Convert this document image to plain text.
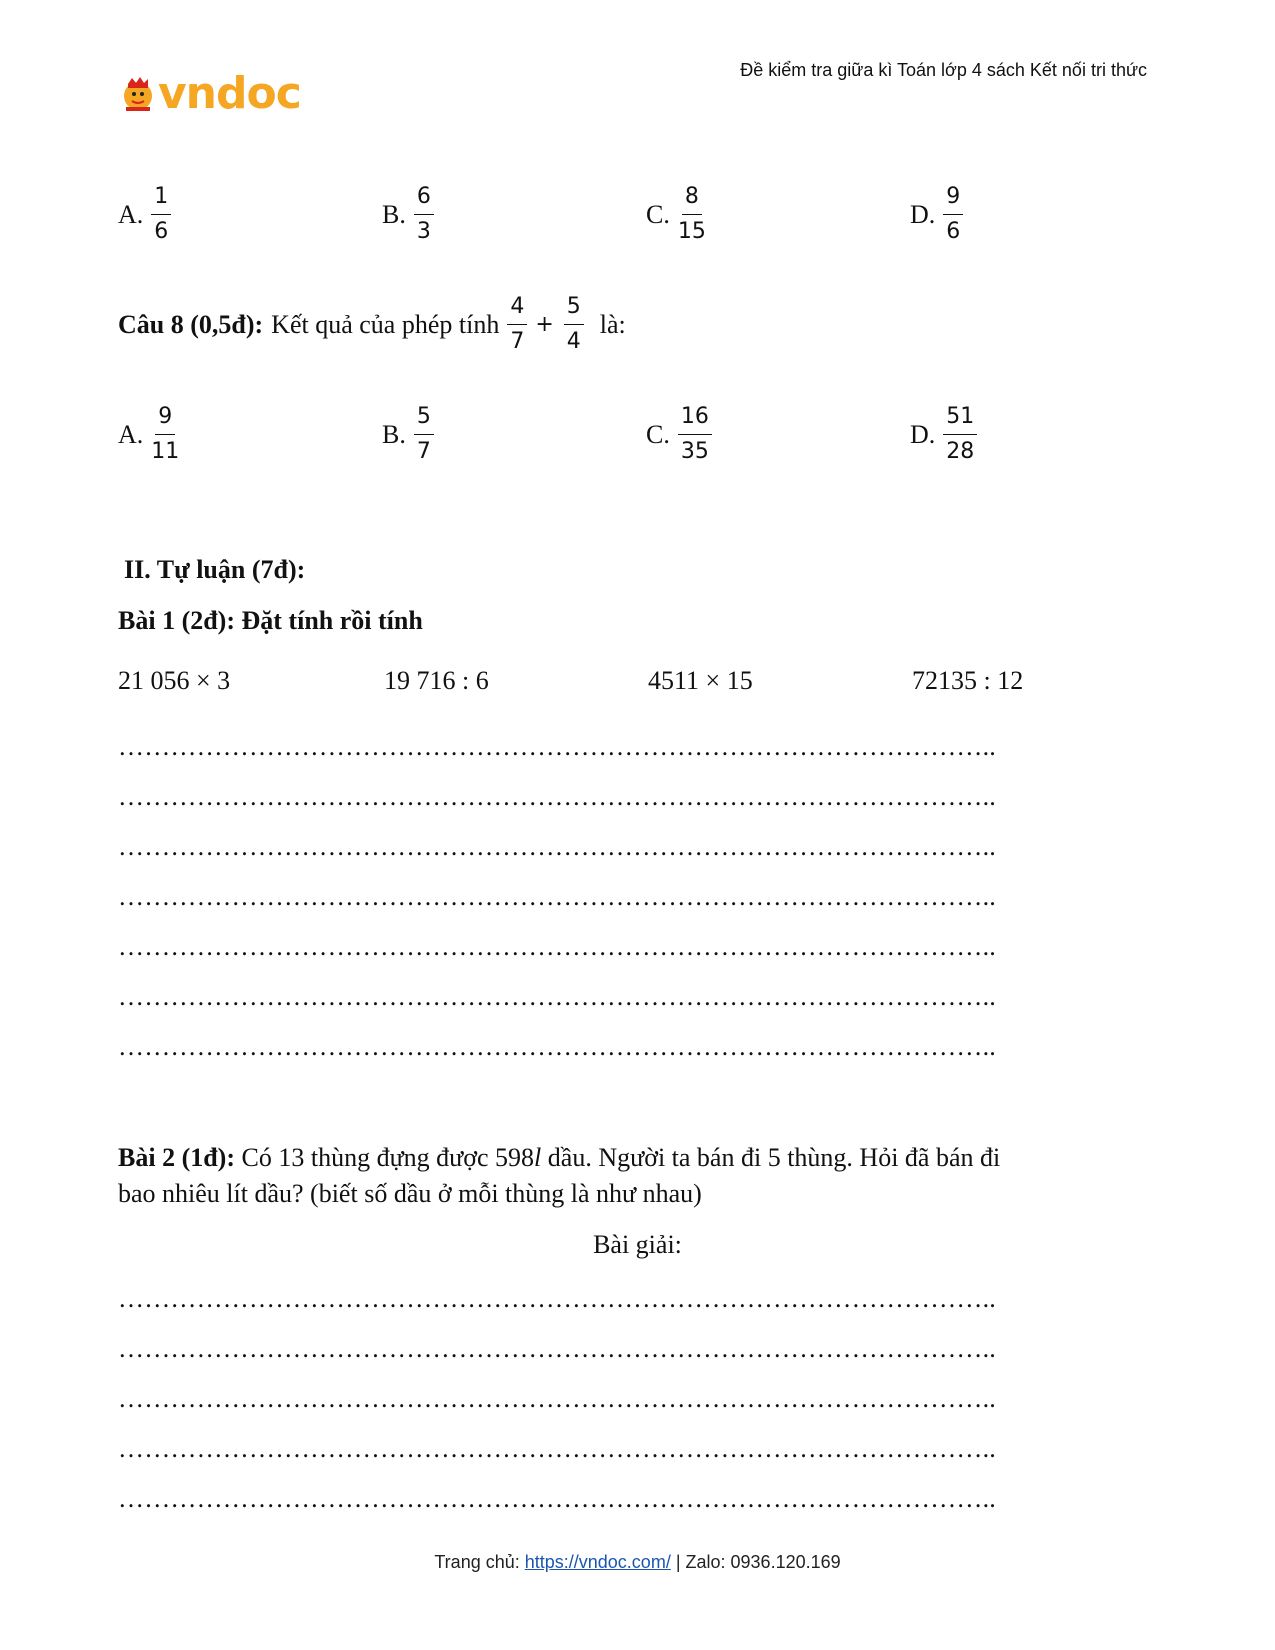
vndoc	Đề kiểm tra giữa kì Toán lớp 4 sách Kết nối tri thức
A. $\frac{1}{6}$	B. $\frac{6}{3}$	C. $\frac{8}{15}$	D. $\frac{9}{6}$
Câu 8 (0,5đ): Kết quả của phép tính $\frac{4}{7} + \frac{5}{4}$ là:
A. $\frac{9}{11}$	B. $\frac{5}{7}$	C. $\frac{16}{35}$	D. $\frac{51}{28}$
II. Tự luận (7đ):
Bài 1 (2đ): Đặt tính rồi tính
21 056 × 3	19 716 : 6	4511 × 15	72135 : 12
………………………………………………………………………………………..
………………………………………………………………………………………..
………………………………………………………………………………………..
………………………………………………………………………………………..
………………………………………………………………………………………..
………………………………………………………………………………………..
………………………………………………………………………………………..
Bài 2 (1đ): Có 13 thùng đựng được 598l dầu. Người ta bán đi 5 thùng. Hỏi đã bán đi
bao nhiêu lít dầu? (biết số dầu ở mỗi thùng là như nhau)
Bài giải:
………………………………………………………………………………………..
………………………………………………………………………………………..
………………………………………………………………………………………..
………………………………………………………………………………………..
………………………………………………………………………………………..
Trang chủ: https://vndoc.com/ | Zalo: 0936.120.169
